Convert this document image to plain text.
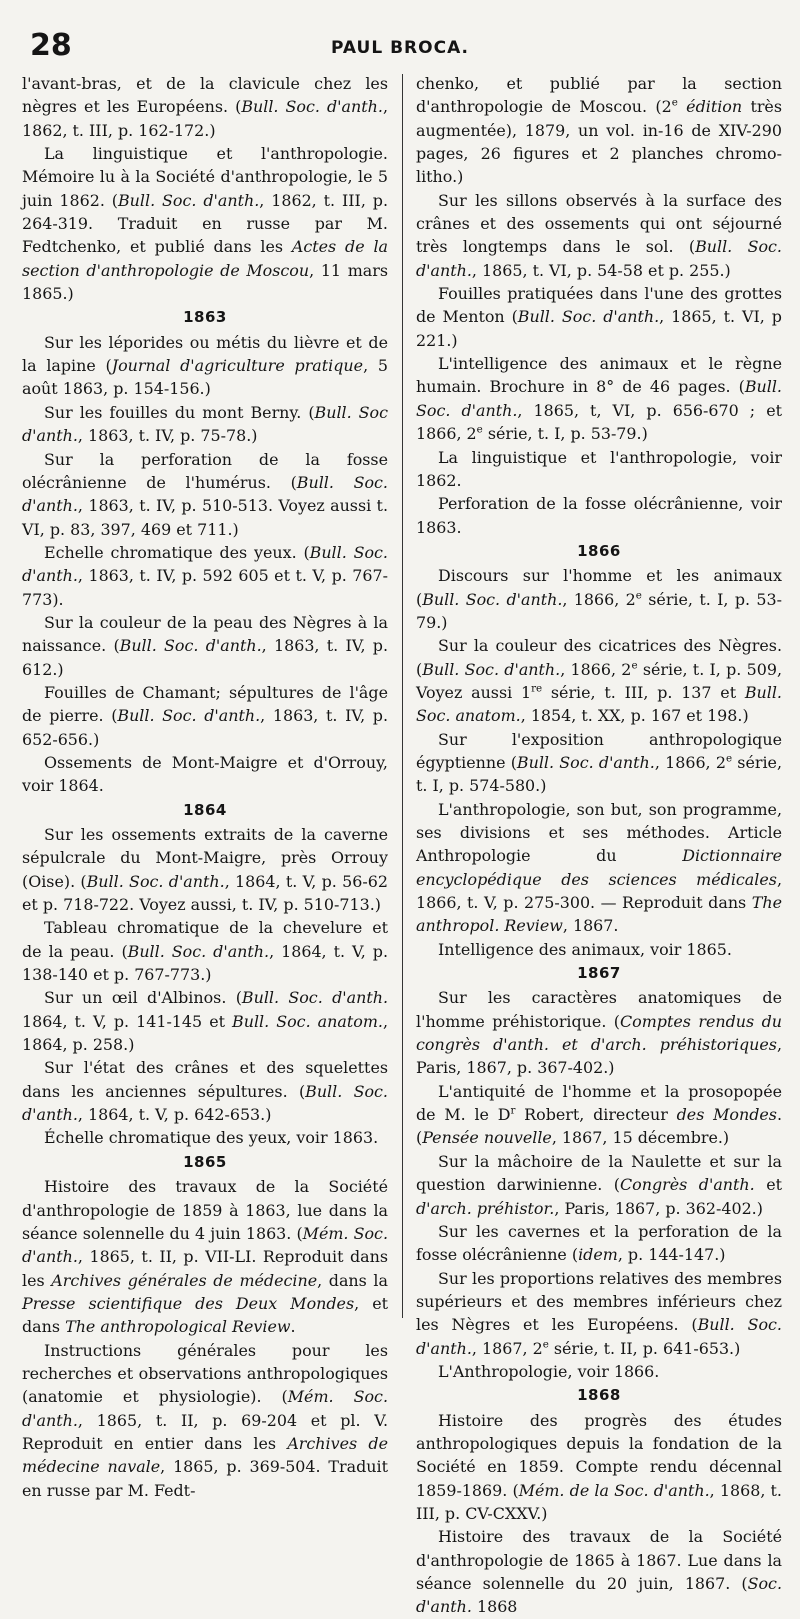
28	PAUL BROCA.

l'avant-bras, et de la clavicule chez les nègres et les Européens. (Bull. Soc. d'anth., 1862, t. III, p. 162-172.)

La linguistique et l'anthropologie. Mémoire lu à la Société d'anthropologie, le 5 juin 1862. (Bull. Soc. d'anth., 1862, t. III, p. 264-319. Traduit en russe par M. Fedtchenko, et publié dans les Actes de la section d'anthropologie de Moscou, 11 mars 1865.)

1863

Sur les léporides ou métis du lièvre et de la lapine (Journal d'agriculture pratique, 5 août 1863, p. 154-156.)

Sur les fouilles du mont Berny. (Bull. Soc d'anth., 1863, t. IV, p. 75-78.)

Sur la perforation de la fosse olécrânienne de l'humérus. (Bull. Soc. d'anth., 1863, t. IV, p. 510-513. Voyez aussi t. VI, p. 83, 397, 469 et 711.)

Echelle chromatique des yeux. (Bull. Soc. d'anth., 1863, t. IV, p. 592 605 et t. V, p. 767-773).

Sur la couleur de la peau des Nègres à la naissance. (Bull. Soc. d'anth., 1863, t. IV, p. 612.)

Fouilles de Chamant; sépultures de l'âge de pierre. (Bull. Soc. d'anth., 1863, t. IV, p. 652-656.)

Ossements de Mont-Maigre et d'Orrouy, voir 1864.

1864

Sur les ossements extraits de la caverne sépulcrale du Mont-Maigre, près Orrouy (Oise). (Bull. Soc. d'anth., 1864, t. V, p. 56-62 et p. 718-722. Voyez aussi, t. IV, p. 510-713.)

Tableau chromatique de la chevelure et de la peau. (Bull. Soc. d'anth., 1864, t. V, p. 138-140 et p. 767-773.)

Sur un œil d'Albinos. (Bull. Soc. d'anth. 1864, t. V, p. 141-145 et Bull. Soc. anatom., 1864, p. 258.)

Sur l'état des crânes et des squelettes dans les anciennes sépultures. (Bull. Soc. d'anth., 1864, t. V, p. 642-653.)

Échelle chromatique des yeux, voir 1863.

1865

Histoire des travaux de la Société d'anthropologie de 1859 à 1863, lue dans la séance solennelle du 4 juin 1863. (Mém. Soc. d'anth., 1865, t. II, p. VII-LI. Reproduit dans les Archives générales de médecine, dans la Presse scientifique des Deux Mondes, et dans The anthropological Review.

Instructions générales pour les recherches et observations anthropologiques (anatomie et physiologie). (Mém. Soc. d'anth., 1865, t. II, p. 69-204 et pl. V. Reproduit en entier dans les Archives de médecine navale, 1865, p. 369-504. Traduit en russe par M. Fedt-

chenko, et publié par la section d'anthropologie de Moscou. (2e édition très augmentée), 1879, un vol. in-16 de XIV-290 pages, 26 figures et 2 planches chromo-litho.)

Sur les sillons observés à la surface des crânes et des ossements qui ont séjourné très longtemps dans le sol. (Bull. Soc. d'anth., 1865, t. VI, p. 54-58 et p. 255.)

Fouilles pratiquées dans l'une des grottes de Menton (Bull. Soc. d'anth., 1865, t. VI, p 221.)

L'intelligence des animaux et le règne humain. Brochure in 8° de 46 pages. (Bull. Soc. d'anth., 1865, t, VI, p. 656-670 ; et 1866, 2e série, t. I, p. 53-79.)

La linguistique et l'anthropologie, voir 1862.

Perforation de la fosse olécrânienne, voir 1863.

1866

Discours sur l'homme et les animaux (Bull. Soc. d'anth., 1866, 2e série, t. I, p. 53-79.)

Sur la couleur des cicatrices des Nègres. (Bull. Soc. d'anth., 1866, 2e série, t. I, p. 509, Voyez aussi 1re série, t. III, p. 137 et Bull. Soc. anatom., 1854, t. XX, p. 167 et 198.)

Sur l'exposition anthropologique égyptienne (Bull. Soc. d'anth., 1866, 2e série, t. I, p. 574-580.)

L'anthropologie, son but, son programme, ses divisions et ses méthodes. Article Anthropologie du Dictionnaire encyclopédique des sciences médicales, 1866, t. V, p. 275-300. — Reproduit dans The anthropol. Review, 1867.

Intelligence des animaux, voir 1865.

1867

Sur les caractères anatomiques de l'homme préhistorique. (Comptes rendus du congrès d'anth. et d'arch. préhistoriques, Paris, 1867, p. 367-402.)

L'antiquité de l'homme et la prosopopée de M. le $D^r$ Robert, directeur des Mondes. (Pensée nouvelle, 1867, 15 décembre.)

Sur la mâchoire de la Naulette et sur la question darwinienne. (Congrès d'anth. et d'arch. préhistor., Paris, 1867, p. 362-402.)

Sur les cavernes et la perforation de la fosse olécrânienne (idem, p. 144-147.)

Sur les proportions relatives des membres supérieurs et des membres inférieurs chez les Nègres et les Européens. (Bull. Soc. d'anth., 1867, 2e série, t. II, p. 641-653.)

L'Anthropologie, voir 1866.

1868

Histoire des progrès des études anthropologiques depuis la fondation de la Société en 1859. Compte rendu décennal 1859-1869. (Mém. de la Soc. d'anth., 1868, t. III, p. CV-CXXV.)

Histoire des travaux de la Société d'anthropologie de 1865 à 1867. Lue dans la séance solennelle du 20 juin, 1867. (Soc. d'anth. 1868
